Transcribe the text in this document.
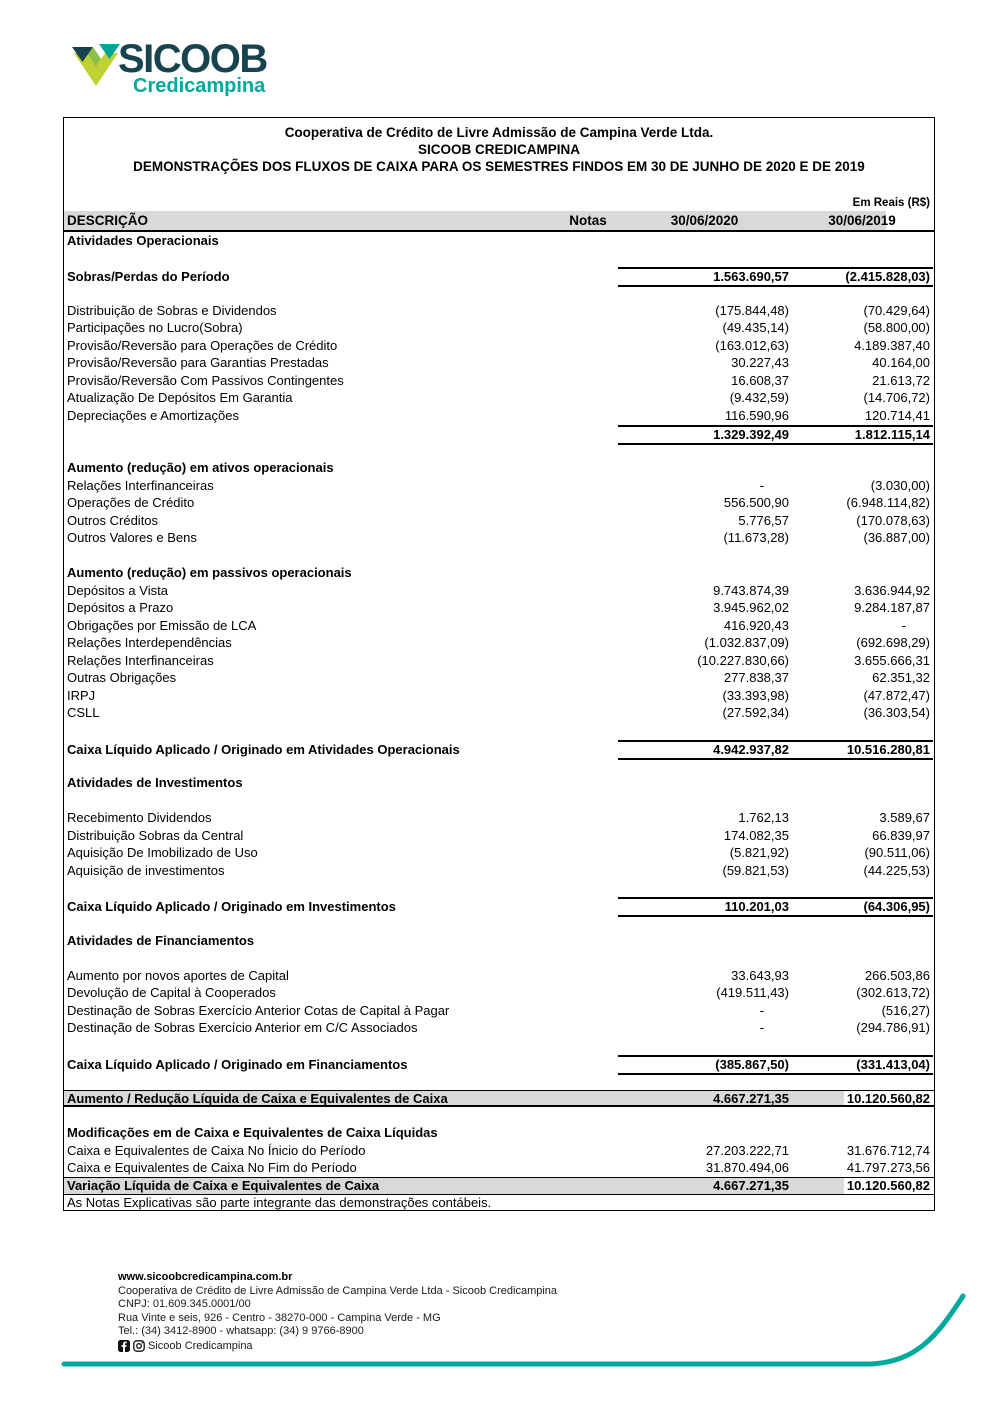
SICOOB
Credicampina
Cooperativa de Crédito de Livre Admissão de Campina Verde Ltda.
SICOOB CREDICAMPINA
DEMONSTRAÇÕES DOS FLUXOS DE CAIXA PARA OS SEMESTRES FINDOS EM 30 DE JUNHO DE 2020 E DE 2019
Em Reais (R$)
DESCRIÇÃO	Notas	30/06/2020	30/06/2019
Atividades Operacionais
Sobras/Perdas do Período	1.563.690,57	(2.415.828,03)
Distribuição de Sobras e Dividendos	(175.844,48)	(70.429,64)
Participações no Lucro(Sobra)	(49.435,14)	(58.800,00)
Provisão/Reversão para Operações de Crédito	(163.012,63)	4.189.387,40
Provisão/Reversão para Garantias Prestadas	30.227,43	40.164,00
Provisão/Reversão Com Passivos Contingentes	16.608,37	21.613,72
Atualização De Depósitos Em Garantia	(9.432,59)	(14.706,72)
Depreciações e Amortizações	116.590,96	120.714,41
1.329.392,49	1.812.115,14
Aumento (redução) em ativos operacionais
Relações Interfinanceiras	-	(3.030,00)
Operações de Crédito	556.500,90	(6.948.114,82)
Outros Créditos	5.776,57	(170.078,63)
Outros Valores e Bens	(11.673,28)	(36.887,00)
Aumento (redução) em passivos operacionais
Depósitos a Vista	9.743.874,39	3.636.944,92
Depósitos a Prazo	3.945.962,02	9.284.187,87
Obrigações por Emissão de LCA	416.920,43	-
Relações Interdependências	(1.032.837,09)	(692.698,29)
Relações Interfinanceiras	(10.227.830,66)	3.655.666,31
Outras Obrigações	277.838,37	62.351,32
IRPJ	(33.393,98)	(47.872,47)
CSLL	(27.592,34)	(36.303,54)
Caixa Líquido Aplicado / Originado em Atividades Operacionais	4.942.937,82	10.516.280,81
Atividades de Investimentos
Recebimento Dividendos	1.762,13	3.589,67
Distribuição Sobras da Central	174.082,35	66.839,97
Aquisição De Imobilizado de Uso	(5.821,92)	(90.511,06)
Aquisição de investimentos	(59.821,53)	(44.225,53)
Caixa Líquido Aplicado / Originado em Investimentos	110.201,03	(64.306,95)
Atividades de Financiamentos
Aumento por novos aportes de Capital	33.643,93	266.503,86
Devolução de Capital à Cooperados	(419.511,43)	(302.613,72)
Destinação de Sobras Exercício Anterior Cotas de Capital à Pagar	-	(516,27)
Destinação de Sobras Exercício Anterior em C/C Associados	-	(294.786,91)
Caixa Líquido Aplicado / Originado em Financiamentos	(385.867,50)	(331.413,04)
Aumento / Redução Líquida de Caixa e Equivalentes de Caixa	4.667.271,35	10.120.560,82
Modificações em de Caixa e Equivalentes de Caixa Líquidas
Caixa e Equivalentes de Caixa No Ínicio do Período	27.203.222,71	31.676.712,74
Caixa e Equivalentes de Caixa No Fim do Período	31.870.494,06	41.797.273,56
Variação Líquida de Caixa e Equivalentes de Caixa	4.667.271,35	10.120.560,82
As Notas Explicativas são parte integrante das demonstrações contábeis.
www.sicoobcredicampina.com.br
Cooperativa de Crédito de Livre Admissão de Campina Verde Ltda - Sicoob Credicampina
CNPJ: 01.609.345.0001/00
Rua Vinte e seis, 926 - Centro - 38270-000 - Campina Verde - MG
Tel.: (34) 3412-8900 - whatsapp: (34) 9 9766-8900
Sicoob Credicampina
